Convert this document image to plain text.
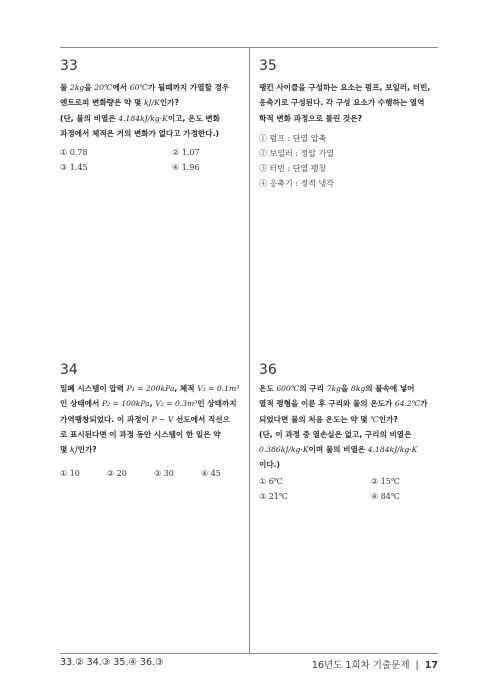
33
물 2kg을 20℃에서 60℃가 될때까지 가열할 경우
엔트로피 변화량은 약 몇 kJ/K인가?
(단, 물의 비열은 4.184kJ/kg·K이고, 온도 변화
과정에서 체적은 거의 변화가 없다고 가정한다.)
① 0.78	② 1.07
③ 1.45	④ 1.96
35
랭킨 사이클을 구성하는 요소는 펌프, 보일러, 터빈,
응축기로 구성된다. 각 구성 요소가 수행하는 열역
학적 변화 과정으로 틀린 것은?
① 펌프 : 단열 압축
② 보일러 : 정압 가열
③ 터빈 : 단열 팽창
④ 응축기 : 정적 냉각
34
밀폐 시스템이 압력 P₁ = 200kPa, 체적 V₁ = 0.1m³
인 상태에서 P₂ = 100kPa, V₂ = 0.3m³인 상태까지
가역팽창되었다. 이 과정이 P − V 선도에서 직선으
로 표시된다면 이 과정 동안 시스템이 한 일은 약
몇 kJ인가?
① 10	② 20	③ 30	④ 45
36
온도 600℃의 구리 7kg을 8kg의 물속에 넣어
열적 평형을 이룬 후 구리와 물의 온도가 64.2℃가
되었다면 물의 처음 온도는 약 몇 ℃인가?
(단, 이 과정 중 열손실은 없고, 구리의 비열은
0.386kJ/kg·K이며 물의 비열은 4.184kJ/kg·K
이다.)
① 6℃	② 15℃
③ 21℃	④ 84℃
33.② 34.③ 35.④ 36.③	16년도 1회차 기출문제 | 17
